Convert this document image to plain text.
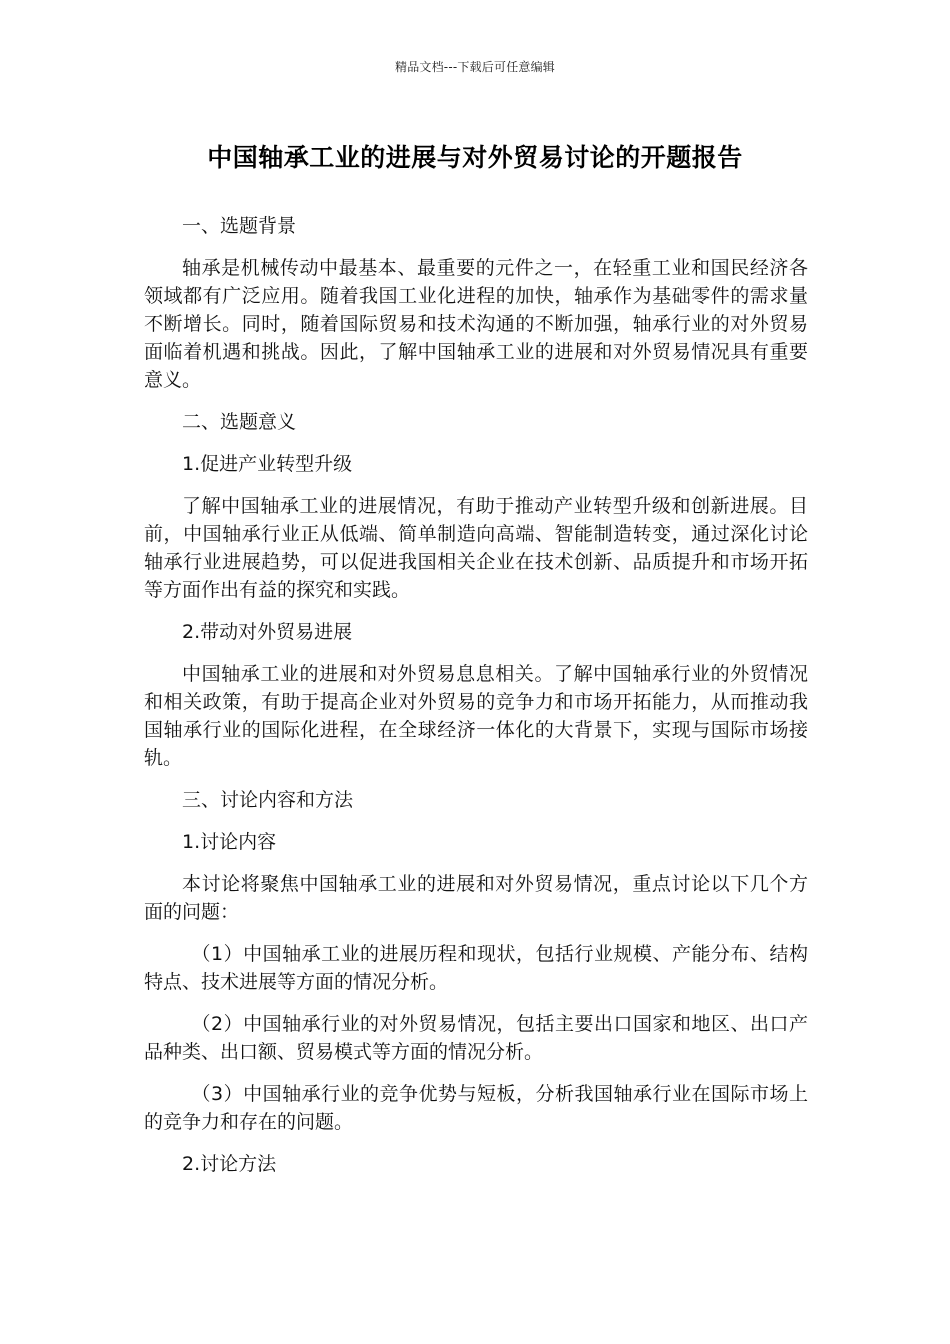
精品文档---下载后可任意编辑
中国轴承工业的进展与对外贸易讨论的开题报告

一、选题背景

轴承是机械传动中最基本、最重要的元件之一，在轻重工业和国民经济各领域都有广泛应用。随着我国工业化进程的加快，轴承作为基础零件的需求量不断增长。同时，随着国际贸易和技术沟通的不断加强，轴承行业的对外贸易面临着机遇和挑战。因此，了解中国轴承工业的进展和对外贸易情况具有重要意义。

二、选题意义

1.促进产业转型升级

了解中国轴承工业的进展情况，有助于推动产业转型升级和创新进展。目前，中国轴承行业正从低端、简单制造向高端、智能制造转变，通过深化讨论轴承行业进展趋势，可以促进我国相关企业在技术创新、品质提升和市场开拓等方面作出有益的探究和实践。

2.带动对外贸易进展

中国轴承工业的进展和对外贸易息息相关。了解中国轴承行业的外贸情况和相关政策，有助于提高企业对外贸易的竞争力和市场开拓能力，从而推动我国轴承行业的国际化进程，在全球经济一体化的大背景下，实现与国际市场接轨。

三、讨论内容和方法

1.讨论内容

本讨论将聚焦中国轴承工业的进展和对外贸易情况，重点讨论以下几个方面的问题：

（1）中国轴承工业的进展历程和现状，包括行业规模、产能分布、结构特点、技术进展等方面的情况分析。

（2）中国轴承行业的对外贸易情况，包括主要出口国家和地区、出口产品种类、出口额、贸易模式等方面的情况分析。

（3）中国轴承行业的竞争优势与短板，分析我国轴承行业在国际市场上的竞争力和存在的问题。

2.讨论方法
